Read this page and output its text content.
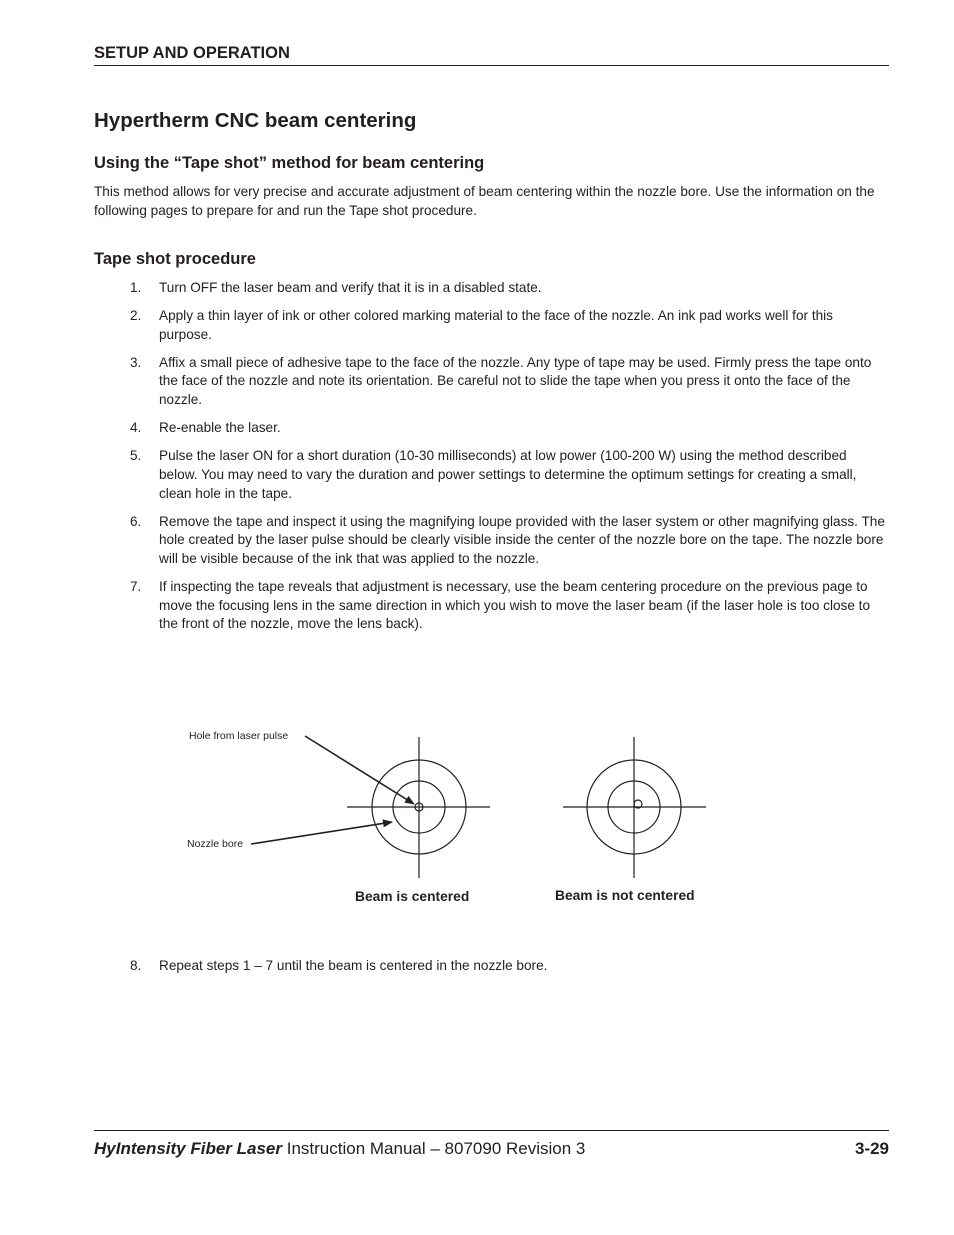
SETUP AND OPERATION
Hypertherm CNC beam centering
Using the “Tape shot” method for beam centering

This method allows for very precise and accurate adjustment of beam centering within the nozzle bore. Use the information on the following pages to prepare for and run the Tape shot procedure.

Tape shot procedure
1. Turn OFF the laser beam and verify that it is in a disabled state.
2. Apply a thin layer of ink or other colored marking material to the face of the nozzle. An ink pad works well for this purpose.
3. Affix a small piece of adhesive tape to the face of the nozzle. Any type of tape may be used. Firmly press the tape onto the face of the nozzle and note its orientation. Be careful not to slide the tape when you press it onto the face of the nozzle.
4. Re-enable the laser.
5. Pulse the laser ON for a short duration (10-30 milliseconds) at low power (100-200 W) using the method described below. You may need to vary the duration and power settings to determine the optimum settings for creating a small, clean hole in the tape.
6. Remove the tape and inspect it using the magnifying loupe provided with the laser system or other magnifying glass. The hole created by the laser pulse should be clearly visible inside the center of the nozzle bore on the tape. The nozzle bore will be visible because of the ink that was applied to the nozzle.
7. If inspecting the tape reveals that adjustment is necessary, use the beam centering procedure on the previous page to move the focusing lens in the same direction in which you wish to move the laser beam (if the laser hole is too close to the front of the nozzle, move the lens back).
Hole from laser pulse
Nozzle bore
Beam is centered	Beam is not centered
8. Repeat steps 1 – 7 until the beam is centered in the nozzle bore.
HyIntensity Fiber Laser Instruction Manual – 807090 Revision 3	3-29
